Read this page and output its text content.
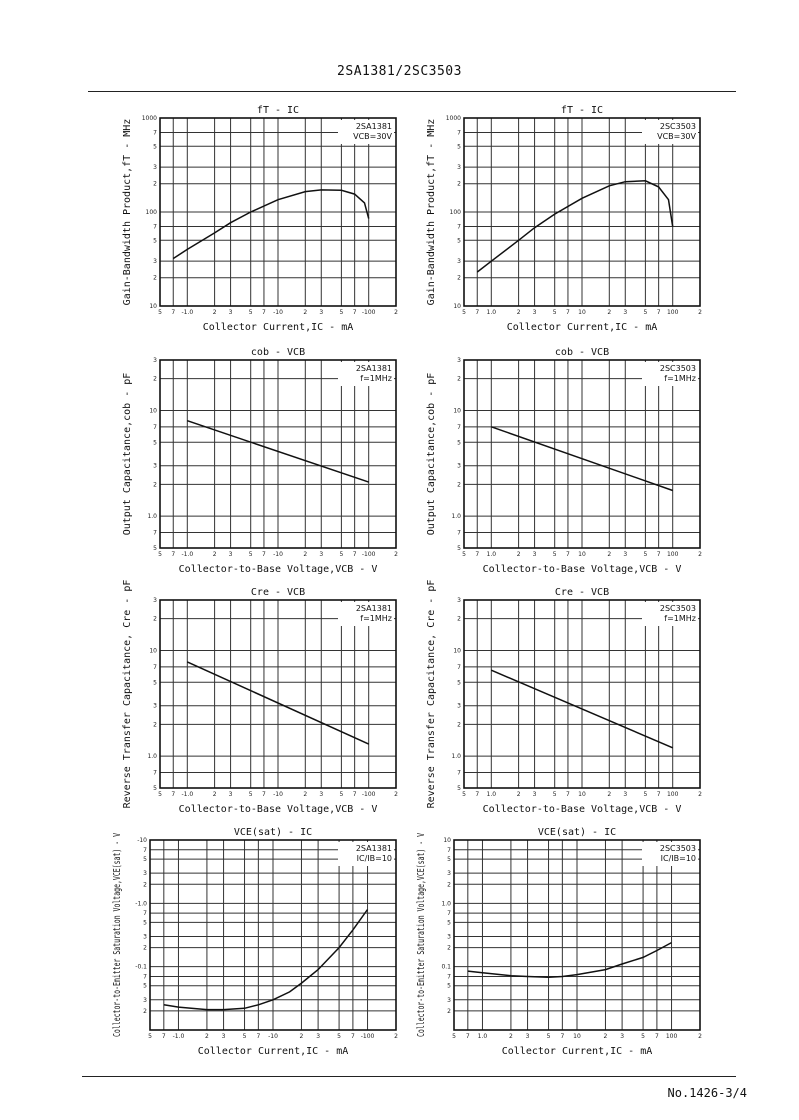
2SA1381/2SC3503
5 7 -1.0	2 3	5 7 -10	2 3	5 7 -100	2
10
2
3
5
7
100
2
3
5
7
1000
2SA1381
VCB=30V
fT - IC
Collector Current,IC - mA
Gain-Bandwidth Product,fT - MHz
5 7 1.0	2 3	5 7 10	2 3	5 7 100	2
10
2
3
5
7
100
2
3
5
7
1000
2SC3503
VCB=30V
fT - IC
Collector Current,IC - mA
Gain-Bandwidth Product,fT - MHz
5 7 -1.0	2 3	5 7 -10	2 3	5 7 -100	2
5
7
1.0
2
3
5
7
10
2
3
2SA1381
f=1MHz
cob - VCB
Collector-to-Base Voltage,VCB - V
Output Capacitance,cob - pF
5 7 1.0	2 3	5 7 10	2 3	5 7 100	2
5
7
1.0
2
3
5
7
10
2
3
2SC3503
f=1MHz
cob - VCB
Collector-to-Base Voltage,VCB - V
Output Capacitance,cob - pF
5 7 -1.0	2 3	5 7 -10	2 3	5 7 -100	2
5
7
1.0
2
3
5
7
10
2
3
2SA1381
f=1MHz
Cre - VCB
Collector-to-Base Voltage,VCB - V
Reverse Transfer Capacitance, Cre - pF	5 7 1.0	2 3	5 7 10	2 3	5 7 100	2
5
7
1.0
2
3
5
7
10
2
3
2SC3503
f=1MHz
Cre - VCB
Collector-to-Base Voltage,VCB - V
Reverse Transfer Capacitance, Cre - pF
5 7 -1.0	2 3	5 7 -10	2 3	5 7 -100	2
2
3
5
7
-0.1
2
3
5
7
-1.0
2
3
5
7
-10
2SA1381
IC/IB=10
VCE(sat) - IC
Collector Current,IC - mA
Collector-to-Emitter Saturation Voltage,VCE(sat) - V	5 7 1.0	2 3	5 7 10	2 3	5 7 100	2
2
3
5
7
0.1
2
3
5
7
1.0
2
3
5
7
10
2SC3503
IC/IB=10
VCE(sat) - IC
Collector Current,IC - mA
Collector-to-Emitter Saturation Voltage,VCE(sat) - V
No.1426-3/4
